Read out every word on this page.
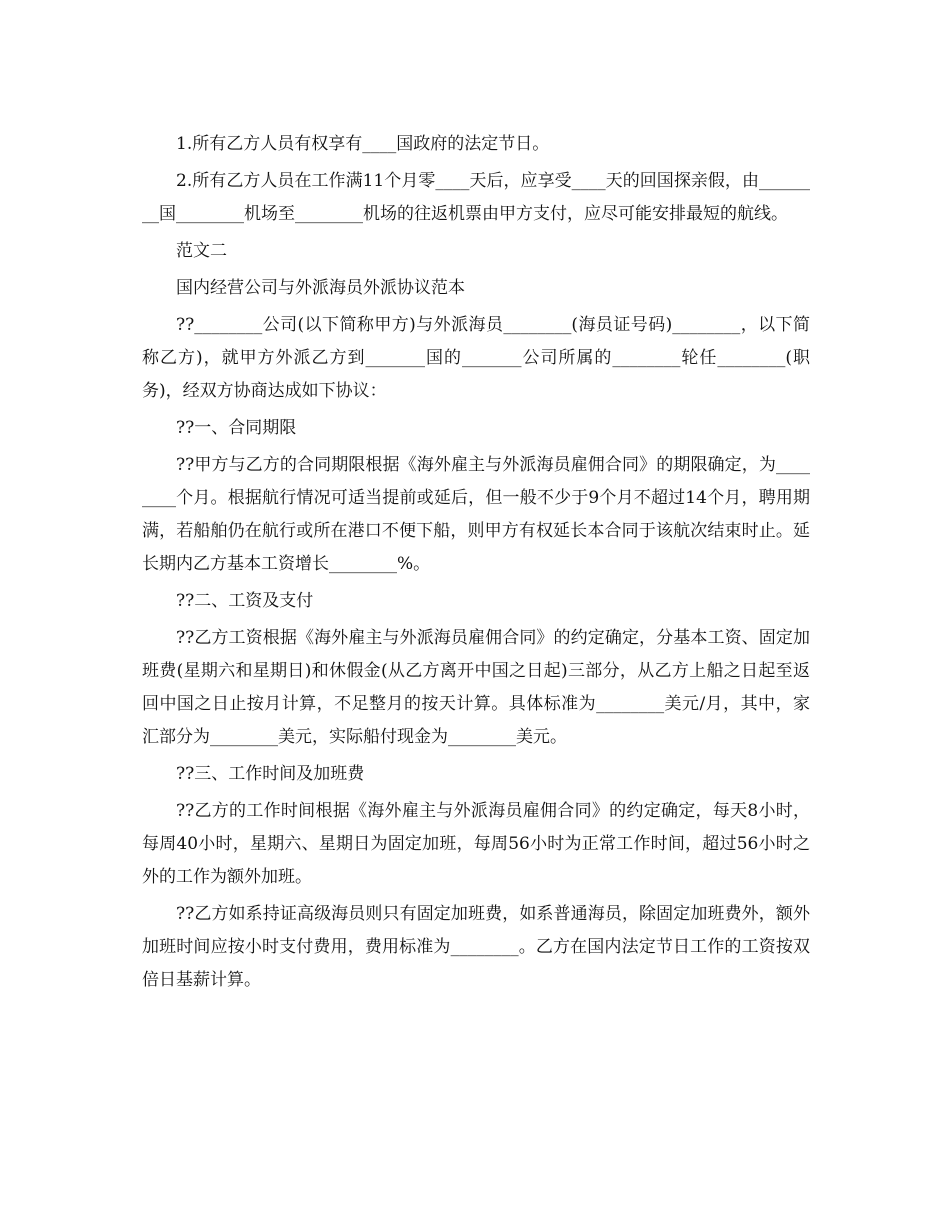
1.所有乙方人员有权享有____国政府的法定节日。

2.所有乙方人员在工作满11个月零____天后，应享受____天的回国探亲假，由________国________机场至________机场的往返机票由甲方支付，应尽可能安排最短的航线。

范文二

国内经营公司与外派海员外派协议范本

??________公司(以下简称甲方)与外派海员________(海员证号码)________，以下简称乙方)，就甲方外派乙方到_______国的_______公司所属的________轮任________(职务)，经双方协商达成如下协议：

??一、合同期限

??甲方与乙方的合同期限根据《海外雇主与外派海员雇佣合同》的期限确定，为________个月。根据航行情况可适当提前或延后，但一般不少于9个月不超过14个月，聘用期满，若船舶仍在航行或所在港口不便下船，则甲方有权延长本合同于该航次结束时止。延长期内乙方基本工资增长________%。

??二、工资及支付

??乙方工资根据《海外雇主与外派海员雇佣合同》的约定确定，分基本工资、固定加班费(星期六和星期日)和休假金(从乙方离开中国之日起)三部分，从乙方上船之日起至返回中国之日止按月计算，不足整月的按天计算。具体标准为________美元/月，其中，家汇部分为________美元，实际船付现金为________美元。

??三、工作时间及加班费

??乙方的工作时间根据《海外雇主与外派海员雇佣合同》的约定确定，每天8小时，每周40小时，星期六、星期日为固定加班，每周56小时为正常工作时间，超过56小时之外的工作为额外加班。

??乙方如系持证高级海员则只有固定加班费，如系普通海员，除固定加班费外，额外加班时间应按小时支付费用，费用标准为________。乙方在国内法定节日工作的工资按双倍日基薪计算。
